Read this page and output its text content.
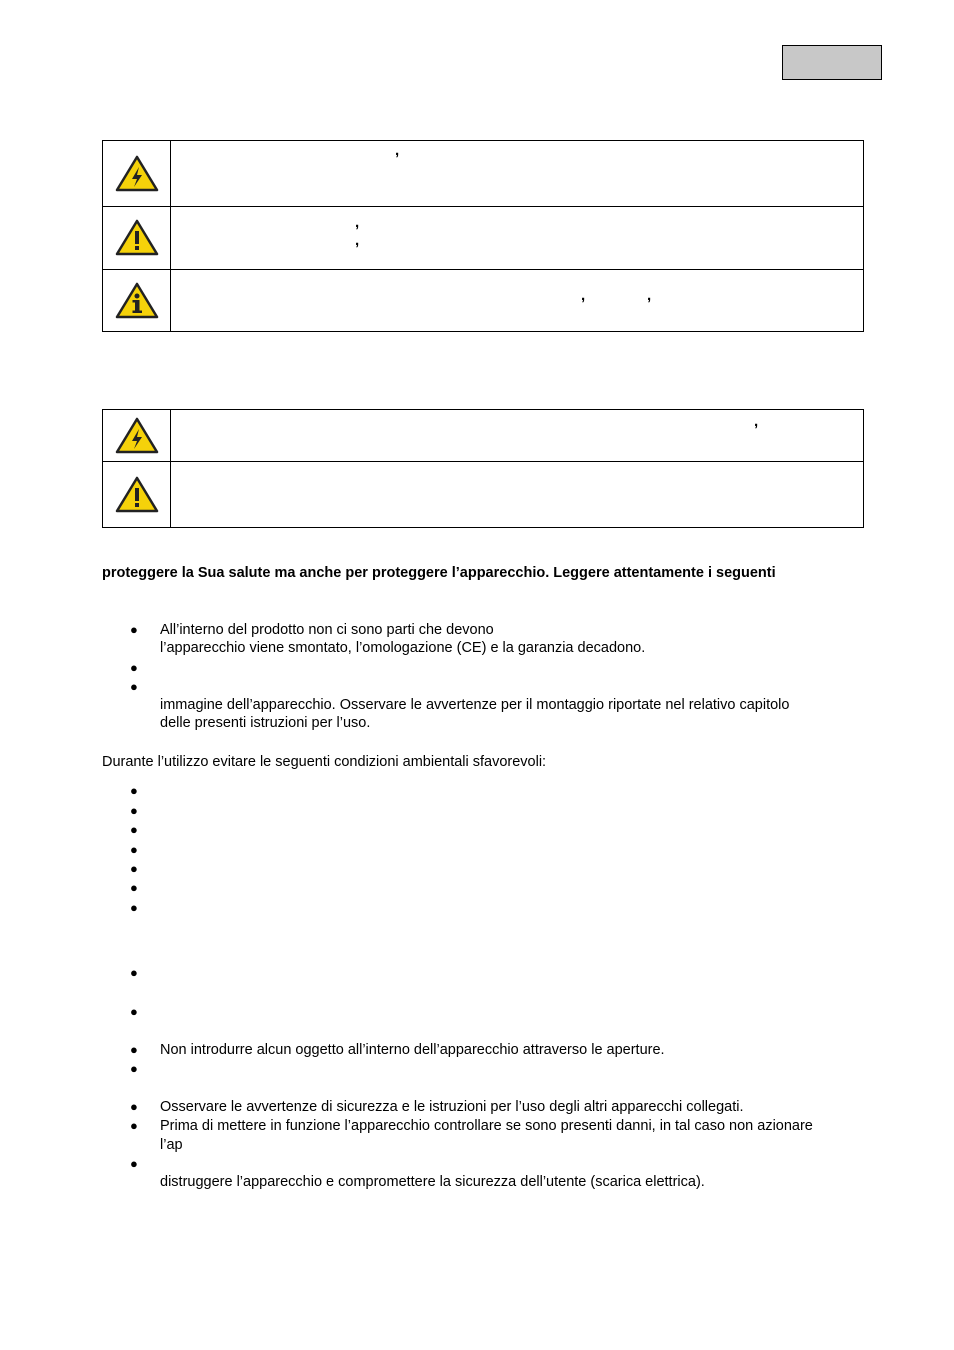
,

,
,

, ,

,

proteggere la Sua salute ma anche per proteggere l’apparecchio. Leggere attentamente i seguenti

● All’interno del prodotto non ci sono parti che devono

l’apparecchio viene smontato, l’omologazione (CE) e la garanzia decadono.

●
●

immagine dell’apparecchio. Osservare le avvertenze per il montaggio riportate nel relativo capitolo

delle presenti istruzioni per l’uso.

Durante l’utilizzo evitare le seguenti condizioni ambientali sfavorevoli:

●
●
●
●
●
●
●
●
●
● Non introdurre alcun oggetto all’interno dell’apparecchio attraverso le aperture.
●
● Osservare le avvertenze di sicurezza e le istruzioni per l’uso degli altri apparecchi collegati.
● Prima di mettere in funzione l’apparecchio controllare se sono presenti danni, in tal caso non azionare

l’ap

●

distruggere l’apparecchio e compromettere la sicurezza dell’utente (scarica elettrica).
